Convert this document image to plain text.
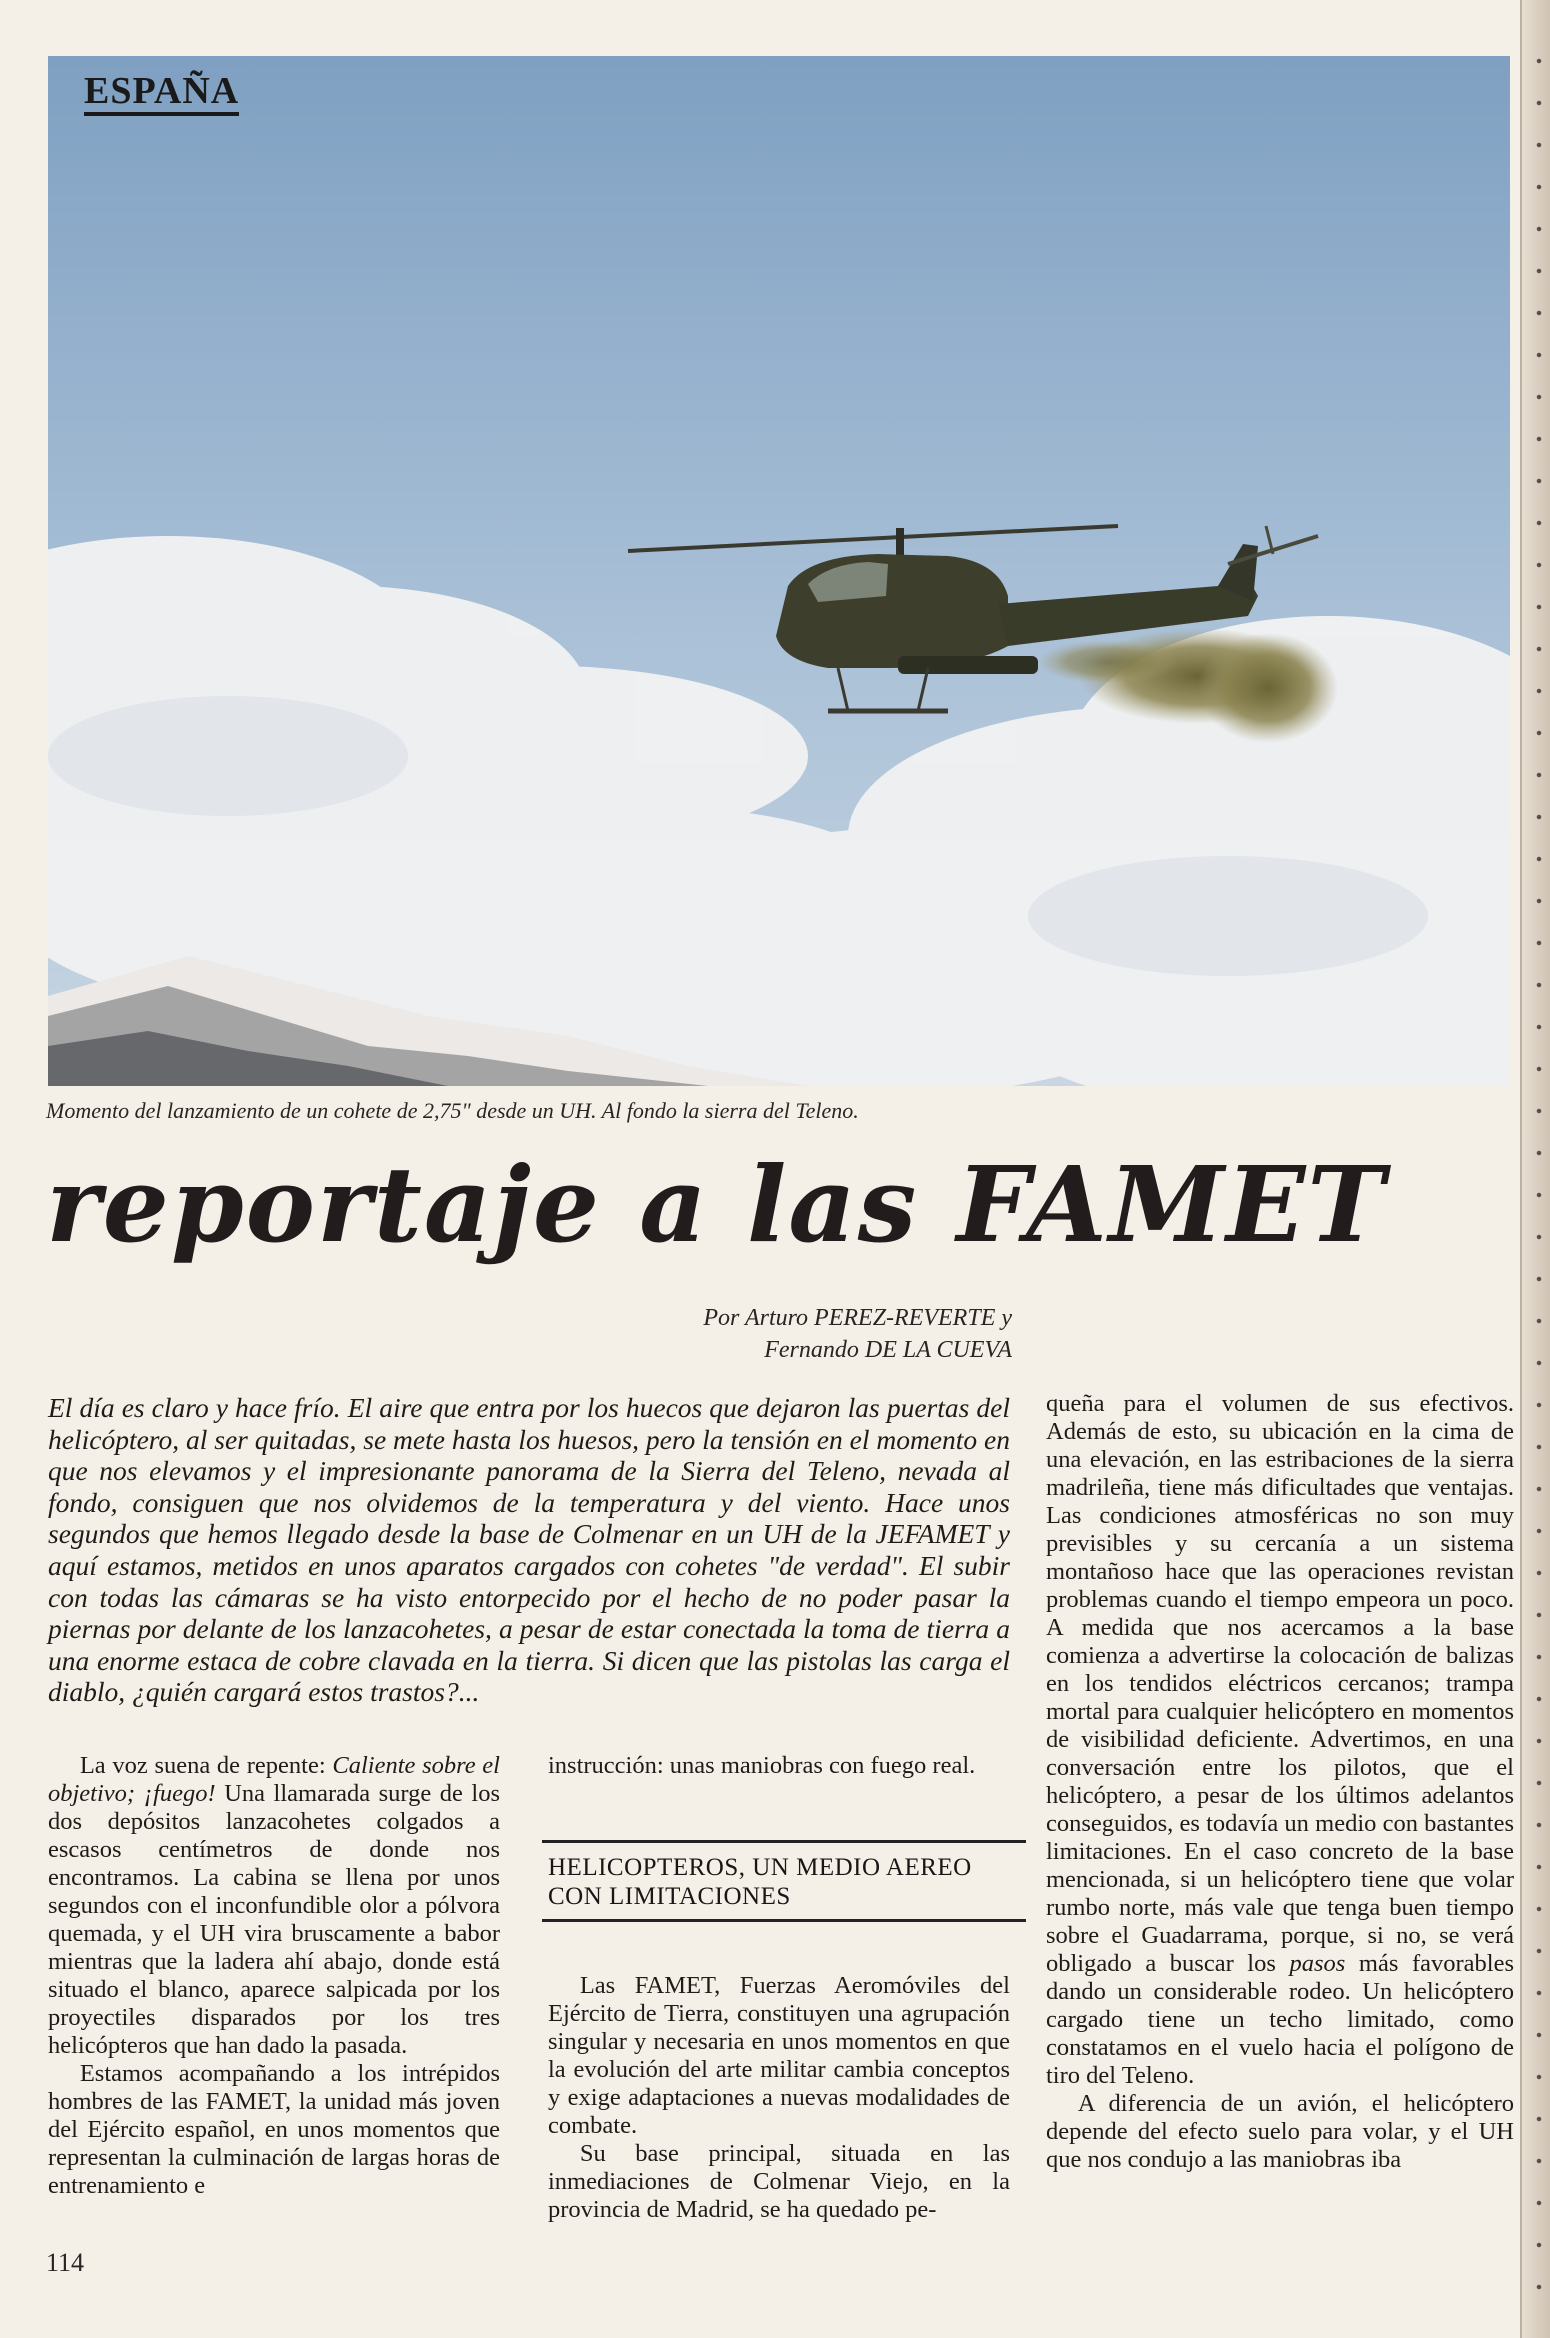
ESPAÑA
Momento del lanzamiento de un cohete de 2,75" desde un UH. Al fondo la sierra del Teleno.
reportaje a las FAMET
Por Arturo PEREZ-REVERTE y
Fernando DE LA CUEVA
El día es claro y hace frío. El aire que entra por los huecos que dejaron las puertas del helicóptero, al ser quitadas, se mete hasta los huesos, pero la tensión en el momento en que nos elevamos y el impresionante panorama de la Sierra del Teleno, nevada al fondo, consiguen que nos olvidemos de la temperatura y del viento. Hace unos segundos que hemos llegado desde la base de Colmenar en un UH de la JEFAMET y aquí estamos, metidos en unos aparatos cargados con cohetes "de verdad". El subir con todas las cámaras se ha visto entorpecido por el hecho de no poder pasar la piernas por delante de los lanzacohetes, a pesar de estar conectada la toma de tierra a una enorme estaca de cobre clavada en la tierra. Si dicen que las pistolas las carga el diablo, ¿quién cargará estos trastos?...

La voz suena de repente: Caliente sobre el objetivo; ¡fuego! Una llamarada surge de los dos depósitos lanzacohetes colgados a escasos centímetros de donde nos encontramos. La cabina se llena por unos segundos con el inconfundible olor a pólvora quemada, y el UH vira bruscamente a babor mientras que la ladera ahí abajo, donde está situado el blanco, aparece salpicada por los proyectiles disparados por los tres helicópteros que han dado la pasada.

Estamos acompañando a los intrépidos hombres de las FAMET, la unidad más joven del Ejército español, en unos momentos que representan la culminación de largas horas de entrenamiento e

instrucción: unas maniobras con fuego real.

HELICOPTEROS, UN MEDIO AEREO CON LIMITACIONES

Las FAMET, Fuerzas Aeromóviles del Ejército de Tierra, constituyen una agrupación singular y necesaria en unos momentos en que la evolución del arte militar cambia conceptos y exige adaptaciones a nuevas modalidades de combate.

Su base principal, situada en las inmediaciones de Colmenar Viejo, en la provincia de Madrid, se ha quedado pe-

queña para el volumen de sus efectivos. Además de esto, su ubicación en la cima de una elevación, en las estribaciones de la sierra madrileña, tiene más dificultades que ventajas. Las condiciones atmosféricas no son muy previsibles y su cercanía a un sistema montañoso hace que las operaciones revistan problemas cuando el tiempo empeora un poco. A medida que nos acercamos a la base comienza a advertirse la colocación de balizas en los tendidos eléctricos cercanos; trampa mortal para cualquier helicóptero en momentos de visibilidad deficiente. Advertimos, en una conversación entre los pilotos, que el helicóptero, a pesar de los últimos adelantos conseguidos, es todavía un medio con bastantes limitaciones. En el caso concreto de la base mencionada, si un helicóptero tiene que volar rumbo norte, más vale que tenga buen tiempo sobre el Guadarrama, porque, si no, se verá obligado a buscar los pasos más favorables dando un considerable rodeo. Un helicóptero cargado tiene un techo limitado, como constatamos en el vuelo hacia el polígono de tiro del Teleno.

A diferencia de un avión, el helicóptero depende del efecto suelo para volar, y el UH que nos condujo a las maniobras iba

114
